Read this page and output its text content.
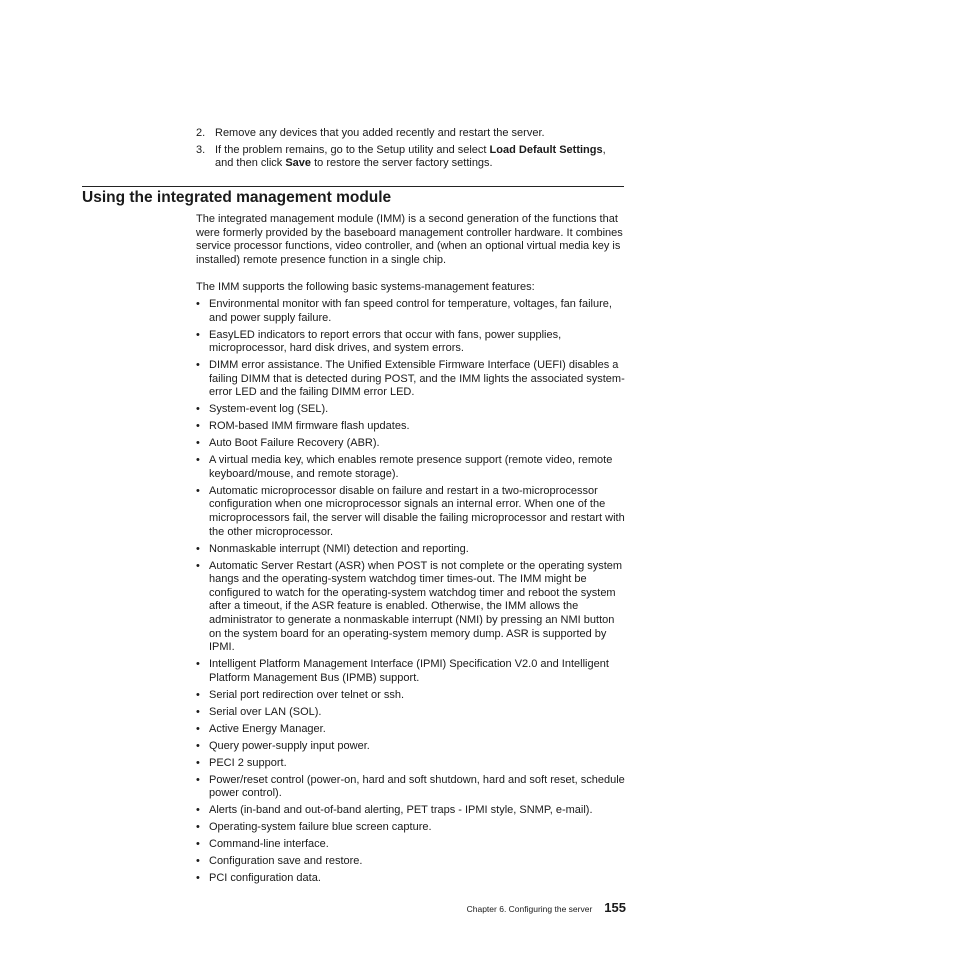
2. Remove any devices that you added recently and restart the server.
3. If the problem remains, go to the Setup utility and select Load Default Settings, and then click Save to restore the server factory settings.
Using the integrated management module

The integrated management module (IMM) is a second generation of the functions that were formerly provided by the baseboard management controller hardware. It combines service processor functions, video controller, and (when an optional virtual media key is installed) remote presence function in a single chip.

The IMM supports the following basic systems-management features:

• Environmental monitor with fan speed control for temperature, voltages, fan failure, and power supply failure.
• EasyLED indicators to report errors that occur with fans, power supplies, microprocessor, hard disk drives, and system errors.
• DIMM error assistance. The Unified Extensible Firmware Interface (UEFI) disables a failing DIMM that is detected during POST, and the IMM lights the associated system-error LED and the failing DIMM error LED.
• System-event log (SEL).
• ROM-based IMM firmware flash updates.
• Auto Boot Failure Recovery (ABR).
• A virtual media key, which enables remote presence support (remote video, remote keyboard/mouse, and remote storage).
• Automatic microprocessor disable on failure and restart in a two-microprocessor configuration when one microprocessor signals an internal error. When one of the microprocessors fail, the server will disable the failing microprocessor and restart with the other microprocessor.
• Nonmaskable interrupt (NMI) detection and reporting.
• Automatic Server Restart (ASR) when POST is not complete or the operating system hangs and the operating-system watchdog timer times-out. The IMM might be configured to watch for the operating-system watchdog timer and reboot the system after a timeout, if the ASR feature is enabled. Otherwise, the IMM allows the administrator to generate a nonmaskable interrupt (NMI) by pressing an NMI button on the system board for an operating-system memory dump. ASR is supported by IPMI.
• Intelligent Platform Management Interface (IPMI) Specification V2.0 and Intelligent Platform Management Bus (IPMB) support.
• Serial port redirection over telnet or ssh.
• Serial over LAN (SOL).
• Active Energy Manager.
• Query power-supply input power.
• PECI 2 support.
• Power/reset control (power-on, hard and soft shutdown, hard and soft reset, schedule power control).
• Alerts (in-band and out-of-band alerting, PET traps - IPMI style, SNMP, e-mail).
• Operating-system failure blue screen capture.
• Command-line interface.
• Configuration save and restore.
• PCI configuration data.
Chapter 6. Configuring the server 155
